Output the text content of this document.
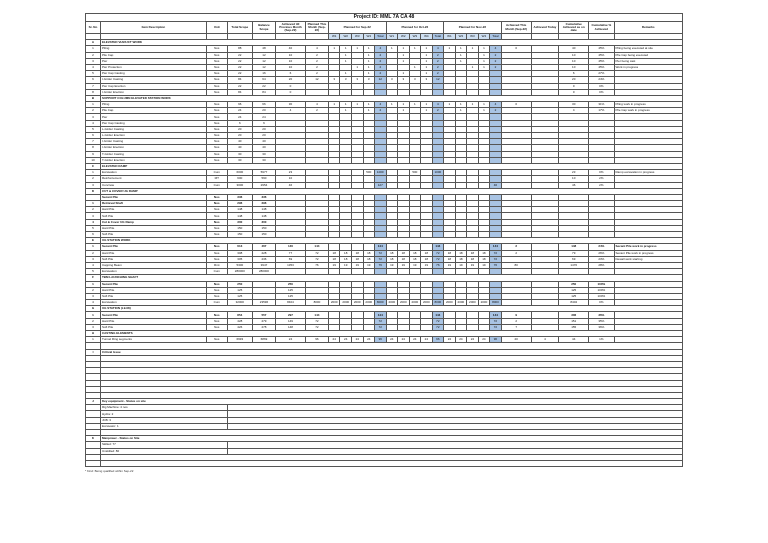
Project ID: MML 7A CA 48																										
Sr. No	Item Description	Unit	Total Scope	Balance Scope	Achieved till Previous Month (Sep-22)	Planned This Month (Sep-22)	Planned for Sep-22					Planned for Oct-22					Planned for Nov-22					Achieved This Month (Sep-22)	Achieved Today	Cumulative Achieved as on date	Cumulative % Achieved	Remarks
							W1	W2	W3	W4	Total	W1	W2	W3	W4	Total	W1	W2	W3	W4	Total					
A	ELEVATED VIADUCT WORK																									
1	Piling	Nos	88	48	40	4	1	1	1	1	4	1	1	1	1	4	1	1	1	1	4	0		40	45%	Piling being executed at site
2	Pile Cap	Nos	22	12	10	2		1		1	2		1		1	2		1		1	2			10	45%	Pile Cap being executed
3	Pier	Nos	22	12	10	2		1		1	2		1		1	2		1		1	2			10	45%	Pier being cast
4	Pier Protection	Nos	22	12	10	2			1	1	2			1	1	2			1	1	2			10	45%	Work in progress
5	Pier Cap Casting	Nos	22	16	6	2		1		1	2		1		1	2								6	27%	
6	I-Girder Casting	Nos	84	64	20	12	3	3	3	3	12	3	3	3	3	12								20	24%	
7	Pier Cap Erection	Nos	22	22	0																			0	0%	
8	I-Girder Erection	Nos	84	84	0																			0	0%	
B	SUPPORT COLUMN ELEVATED STATION WORK																									
1	Piling	Nos	96	66	30	4	1	1	1	1	4	1	1	1	1	4	1	1	1	1	4	0		30	31%	Piling work in progress
2	Pile Cap	Nos	24	20	4	2		1		1	2		1		1	2		1		1	2			4	17%	Pile Cap work in progress
3	Pier	Nos	24	24																						
4	Pier Cap Casting	Nos	6	6																						
5	L-Girder Casting	Nos	20	20																						
6	L-Girder Erection	Nos	20	20																						
7	I-Girder Casting	Nos	40	40																						
8	I-Girder Erection	Nos	40	40																						
9	T-Girder Casting	Nos	30	30																						
10	T-Girder Erection	Nos	30	30																						
C	ELEVATED RAMP																									
1	Excavation	Cum	6000	5977	23					500	1000			500		1000								23	0%	Ramp excavation in progress
2	Reinforcement	MT	600	590	10																			10	2%	
3	Concrete	Cum	3000	2954	46						127										46			46	2%	
D	CUT & COVER UG RAMP																									
	Secant Pile	Nos	336	336																						
1	Retrieval Shaft	Nos	296	296																						
2	Hard Pile	Nos	148	148																						
3	Soft Pile	Nos	148	148																						
4	Cut & Cover UG Ramp	Nos	300	300																						
5	Hard Pile	Nos	150	150																						
6	Soft Pile	Nos	150	150																						
E	UG STATION WORK																									
1	Secant Pile	Nos	613	467	146	144					144					144					144	2		148	24%	Secant Pile work in progress
2	Hard Pile	Nos	308	228	77	72	18	18	18	18	72	18	18	18	18	72	18	18	18	18	72	2		79	26%	Secant Pile work in progress
3	Soft Pile	Nos	305	236	69	72	18	18	18	18	72	18	18	18	18	72	18	18	18	18	72			69	23%	Dewall work starting
4	Capping Beam	Rmt	5300	3947	1353	76	19	19	19	19	76	19	19	19	19	76	19	19	19	19	76	80		1476	28%	
5	Excavation	Cum	280000	280000																						
F	TBM LAUNCHING SHAFT																									
1	Secant Pile	Nos	250		250																			250	100%	
2	Hard Pile	Nos	125		125																			125	100%	
3	Soft Pile	Nos	125		125																			125	100%	
4	Excavation	Cum	32000	23596	8404	8000	2000	2000	2000	2000	8000	2000	2000	2000	2000	8000	2000	2000	2000	2000	8000			8404	0%	
G	UG STATION (L9-08)																									
1	Secant Pile	Nos	854	557	297	144					144					144					144	9		306	36%	
2	Hard Pile	Nos	428	279	149	72					72					72					72	2		151	35%	
3	Soft Pile	Nos	426	278	148	72					72					72					72	7		155	36%	
H	CASTING ELEMENTS																									
1	Tunnel Ring segments	Nos	6993	6869	24	96	24	24	24	24	96	24	24	24	24	96	24	24	24	24	96	20	4	44	1%	

I	Critical Issue																									

J	Key equipment - Status on site																									
	Rig Machine: 4 nos																									
	Hydra: 2																									
	JCB: 3																									
	Excavator: 1																									

K	Manpower - Status on Site																									
	Skilled: 77																									
	Unskilled: 80																									

* Kind: Being qualified within Sep-22
